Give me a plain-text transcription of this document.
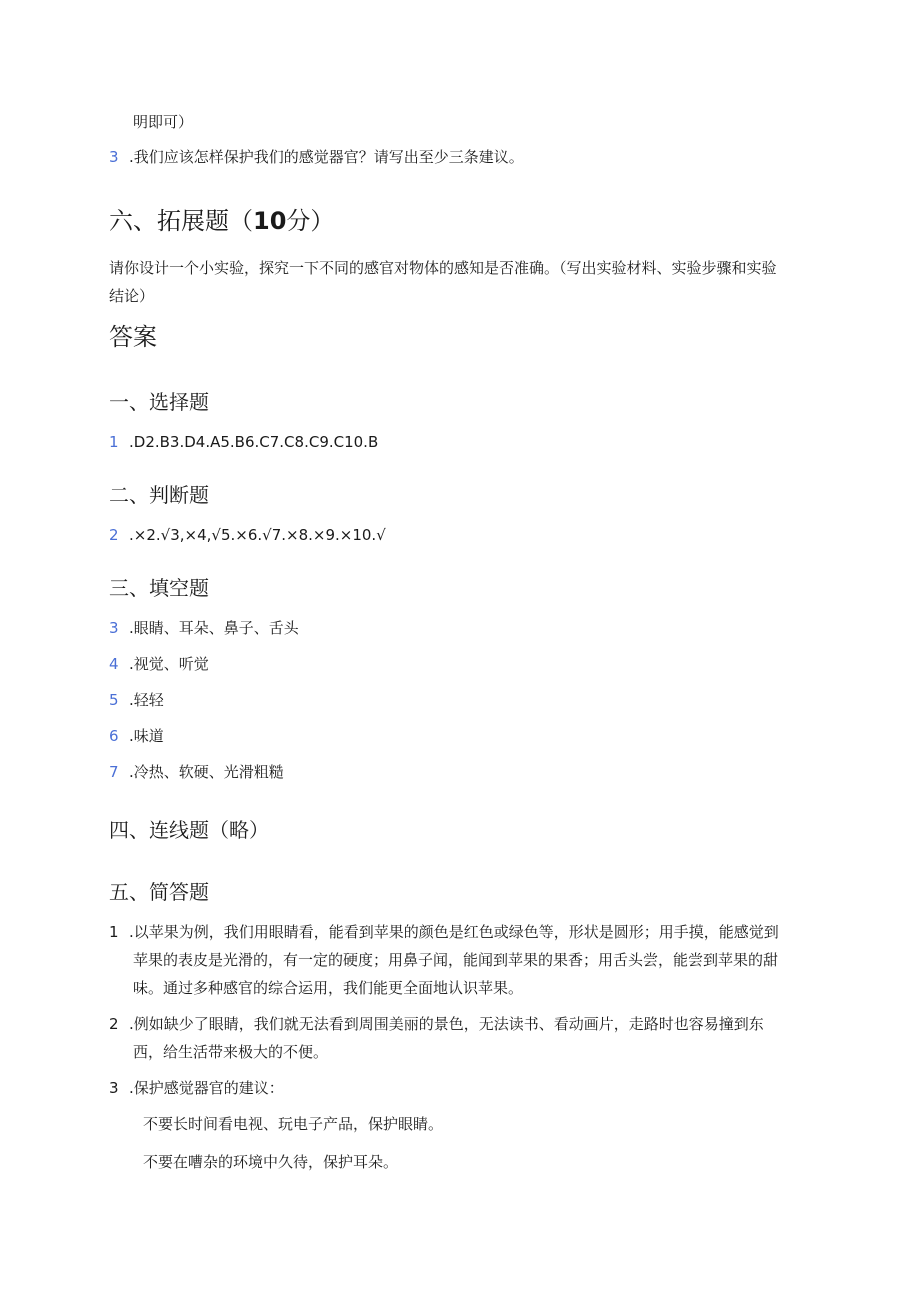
明即可）
3 .我们应该怎样保护我们的感觉器官？请写出至少三条建议。
六、拓展题（10分）
请你设计一个小实验，探究一下不同的感官对物体的感知是否准确。（写出实验材料、实验步骤和实验
结论）
答案
一、选择题
1 .D2.B3.D4.A5.B6.C7.C8.C9.C10.B
二、判断题
2 .×2.√3,×4,√5.×6.√7.×8.×9.×10.√
三、填空题
3 .眼睛、耳朵、鼻子、舌头
4 .视觉、听觉
5 .轻轻
6 .味道
7 .冷热、软硬、光滑粗糙
四、连线题（略）
五、简答题
1 .以苹果为例，我们用眼睛看，能看到苹果的颜色是红色或绿色等，形状是圆形；用手摸，能感觉到
苹果的表皮是光滑的，有一定的硬度；用鼻子闻，能闻到苹果的果香；用舌头尝，能尝到苹果的甜
味。通过多种感官的综合运用，我们能更全面地认识苹果。
2 .例如缺少了眼睛，我们就无法看到周围美丽的景色，无法读书、看动画片，走路时也容易撞到东
西，给生活带来极大的不便。
3 .保护感觉器官的建议：
不要长时间看电视、玩电子产品，保护眼睛。
不要在嘈杂的环境中久待，保护耳朵。
